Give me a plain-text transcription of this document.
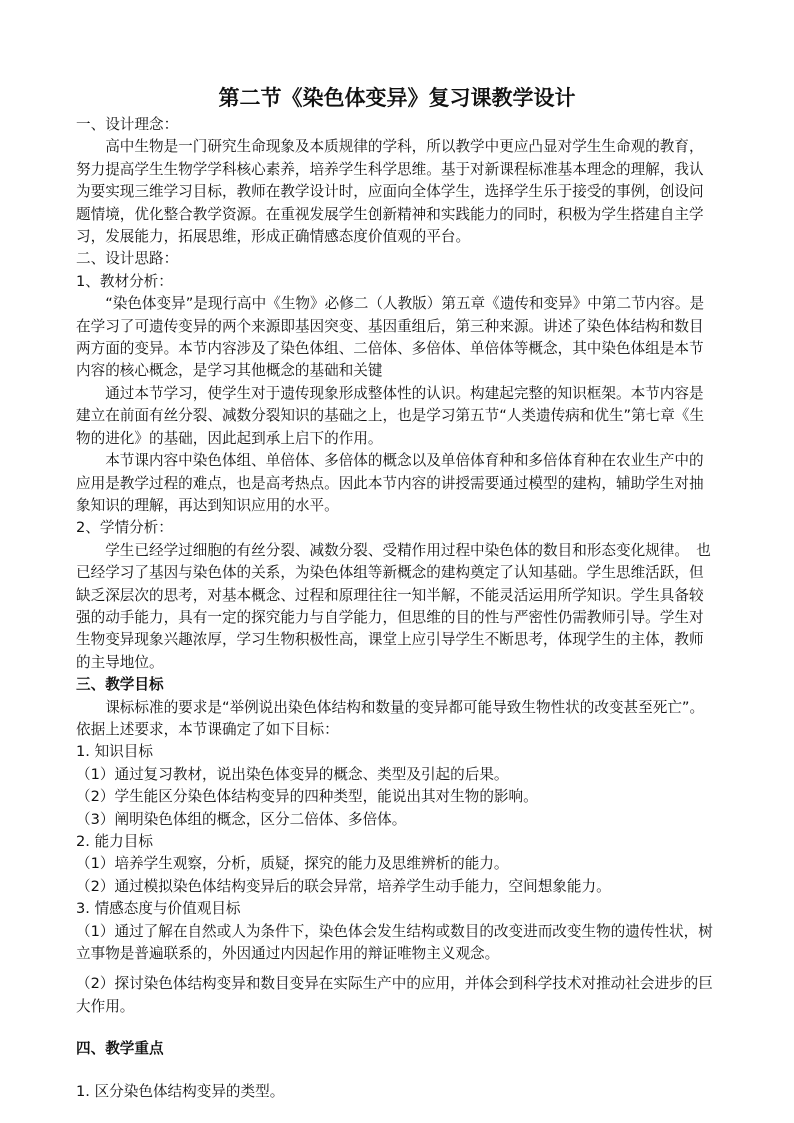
第二节《染色体变异》复习课教学设计

一、设计理念：

高中生物是一门研究生命现象及本质规律的学科，所以教学中更应凸显对学生生命观的教育，努力提高学生生物学学科核心素养，培养学生科学思维。基于对新课程标准基本理念的理解，我认为要实现三维学习目标，教师在教学设计时，应面向全体学生，选择学生乐于接受的事例，创设问题情境，优化整合教学资源。在重视发展学生创新精神和实践能力的同时，积极为学生搭建自主学习，发展能力，拓展思维，形成正确情感态度价值观的平台。

二、设计思路：

1、教材分析：

“染色体变异”是现行高中《生物》必修二（人教版）第五章《遗传和变异》中第二节内容。是在学习了可遗传变异的两个来源即基因突变、基因重组后，第三种来源。讲述了染色体结构和数目两方面的变异。本节内容涉及了染色体组、二倍体、多倍体、单倍体等概念，其中染色体组是本节内容的核心概念，是学习其他概念的基础和关键

通过本节学习，使学生对于遗传现象形成整体性的认识。构建起完整的知识框架。本节内容是建立在前面有丝分裂、减数分裂知识的基础之上，也是学习第五节“人类遗传病和优生”第七章《生物的进化》的基础，因此起到承上启下的作用。

本节课内容中染色体组、单倍体、多倍体的概念以及单倍体育种和多倍体育种在农业生产中的应用是教学过程的难点，也是高考热点。因此本节内容的讲授需要通过模型的建构，辅助学生对抽象知识的理解，再达到知识应用的水平。

2、学情分析：

学生已经学过细胞的有丝分裂、减数分裂、受精作用过程中染色体的数目和形态变化规律。　也已经学习了基因与染色体的关系，为染色体组等新概念的建构奠定了认知基础。学生思维活跃，但缺乏深层次的思考，对基本概念、过程和原理往往一知半解，不能灵活运用所学知识。学生具备较强的动手能力，具有一定的探究能力与自学能力，但思维的目的性与严密性仍需教师引导。学生对生物变异现象兴趣浓厚，学习生物积极性高，课堂上应引导学生不断思考，体现学生的主体，教师的主导地位。

三、教学目标

课标标准的要求是“举例说出染色体结构和数量的变异都可能导致生物性状的改变甚至死亡”。依据上述要求，本节课确定了如下目标：

1. 知识目标

（1）通过复习教材，说出染色体变异的概念、类型及引起的后果。

（2）学生能区分染色体结构变异的四种类型，能说出其对生物的影响。

（3）阐明染色体组的概念，区分二倍体、多倍体。

2. 能力目标

（1）培养学生观察，分析，质疑，探究的能力及思维辨析的能力。

（2）通过模拟染色体结构变异后的联会异常，培养学生动手能力，空间想象能力。

3. 情感态度与价值观目标

（1）通过了解在自然或人为条件下，染色体会发生结构或数目的改变进而改变生物的遗传性状，树立事物是普遍联系的，外因通过内因起作用的辩证唯物主义观念。

（2）探讨染色体结构变异和数目变异在实际生产中的应用，并体会到科学技术对推动社会进步的巨大作用。

四、教学重点

1. 区分染色体结构变异的类型。
